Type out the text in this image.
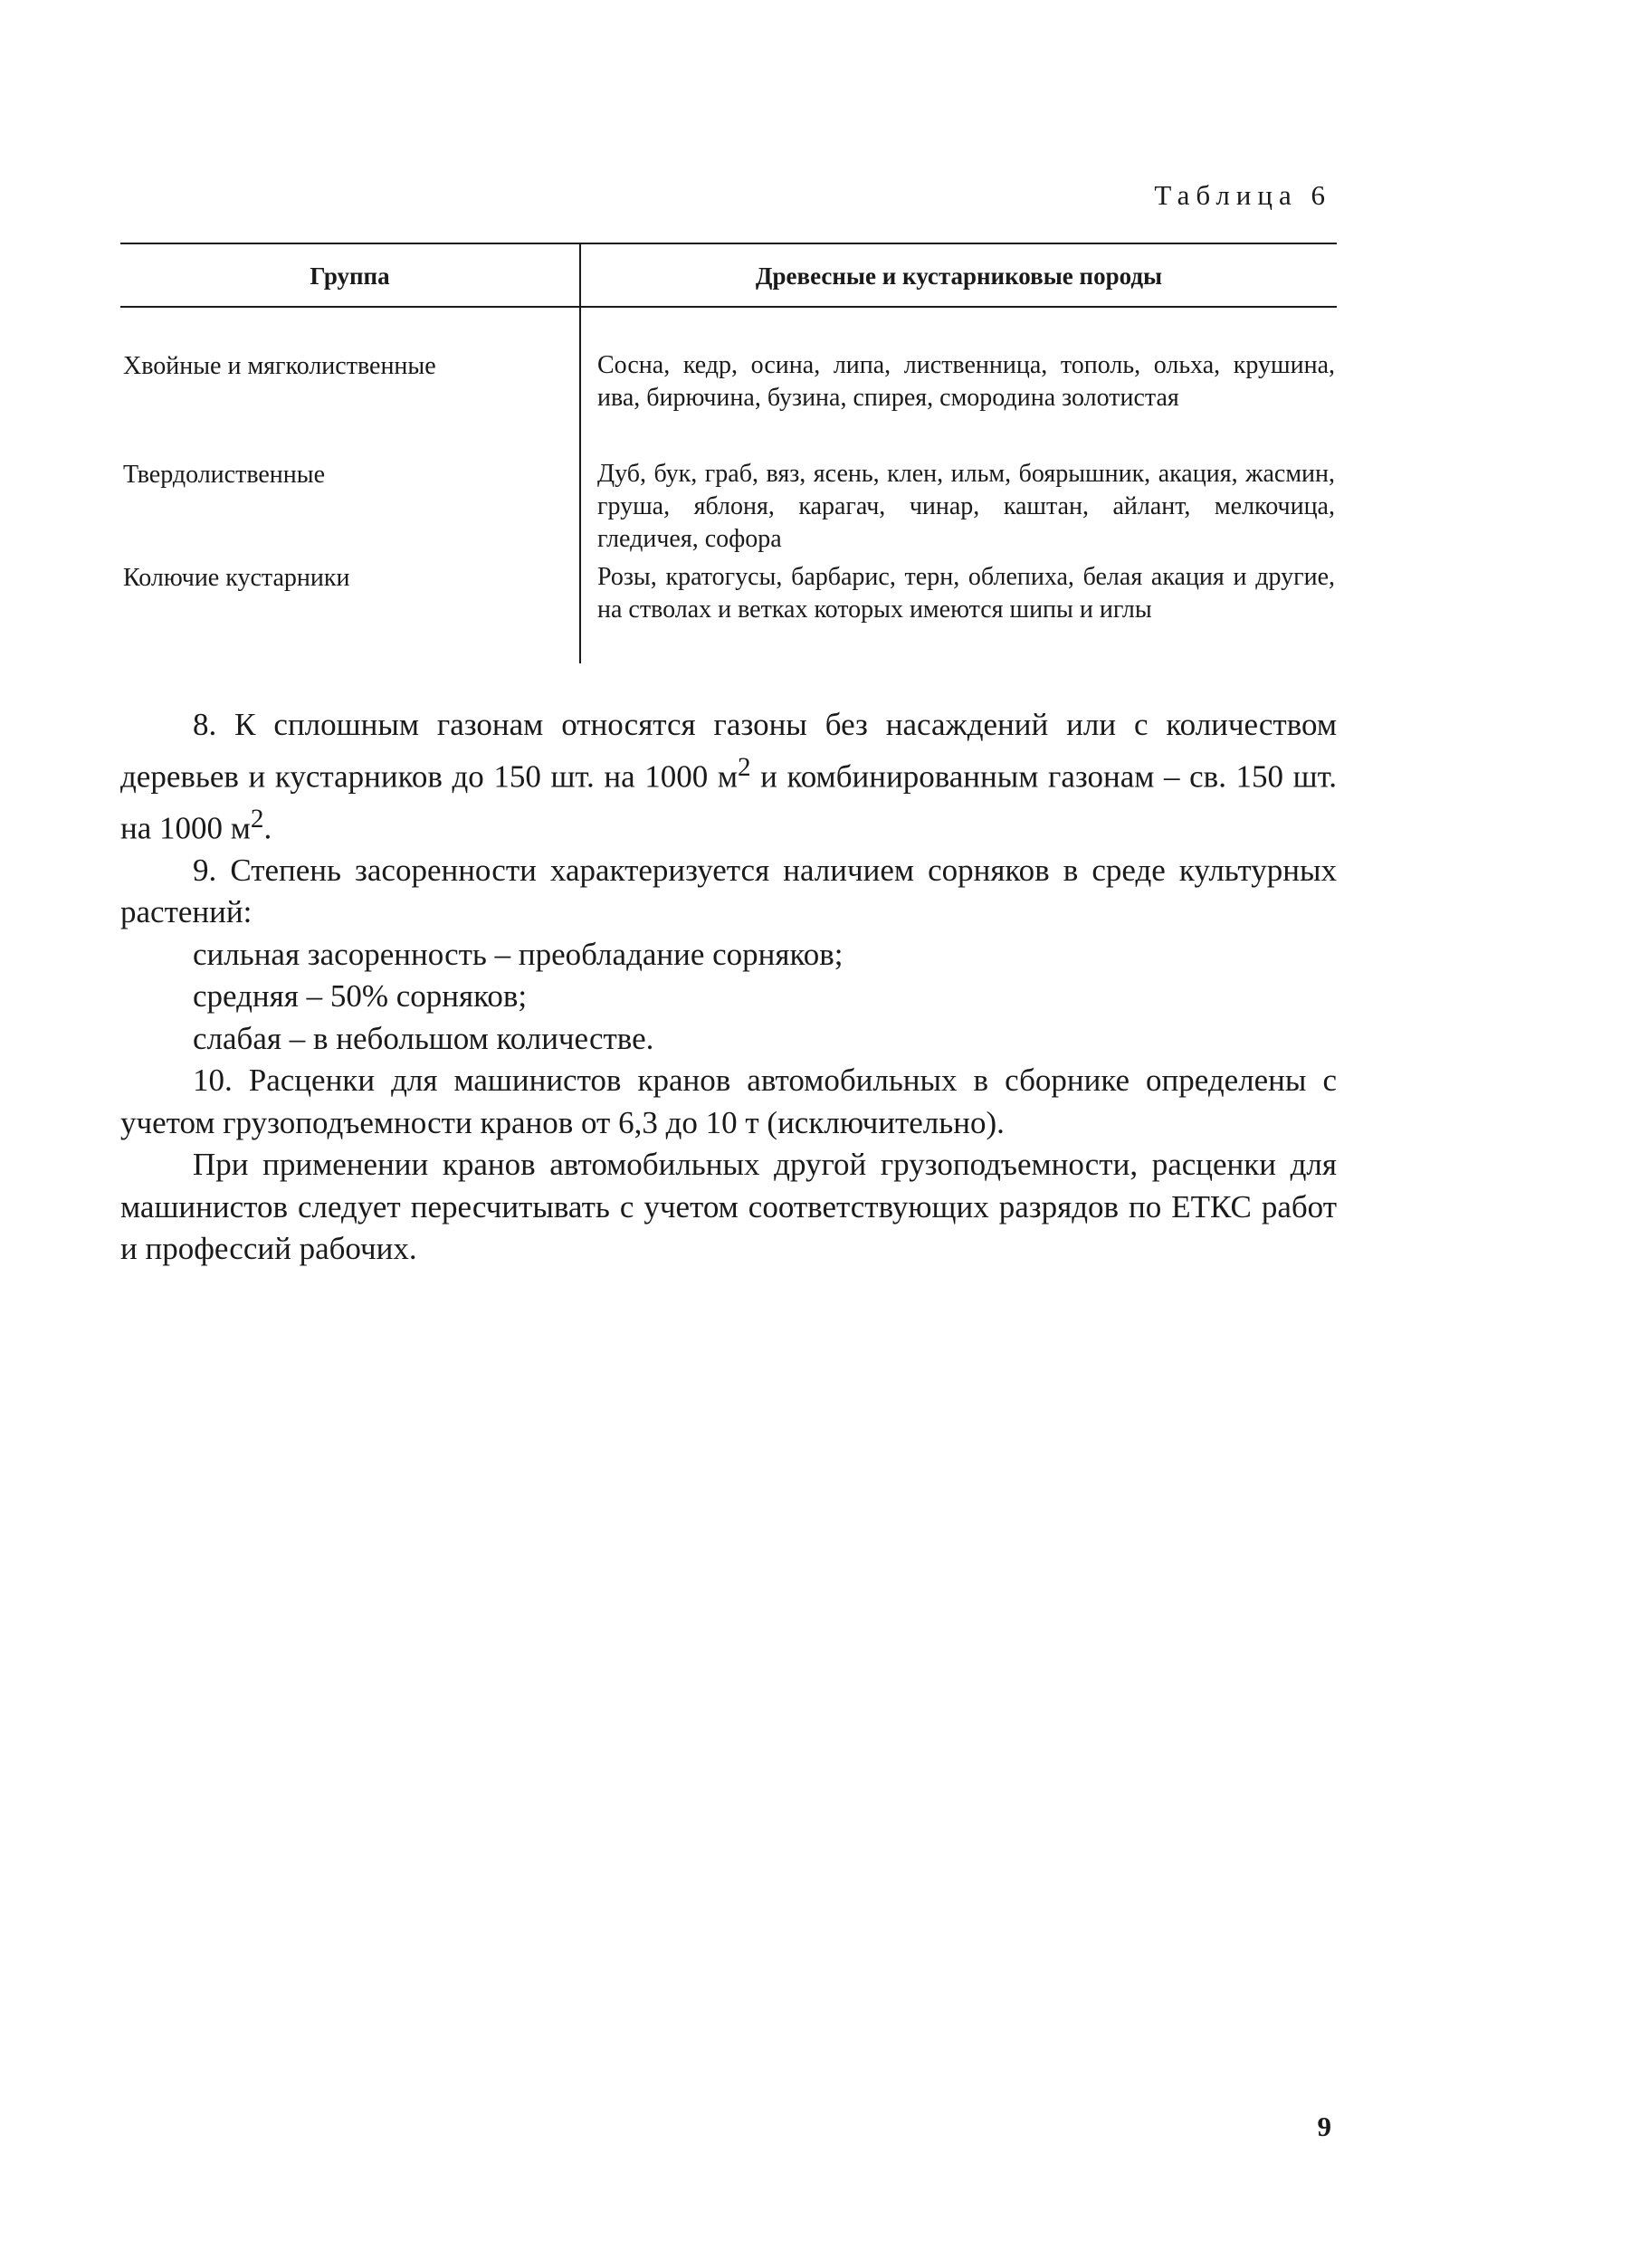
Таблица 6
Группа	Древесные и кустарниковые породы
Хвойные и мягколиственные	Сосна, кедр, осина, липа, лиственница, тополь, ольха, крушина, ива, бирючина, бузина, спирея, смородина золотистая
Твердолиственные	Дуб, бук, граб, вяз, ясень, клен, ильм, боярышник, акация, жасмин, груша, яблоня, карагач, чинар, каштан, айлант, мелкочица, гледичея, софора
Колючие кустарники	Розы, кратогусы, барбарис, терн, облепиха, белая акация и другие, на стволах и ветках которых имеются шипы и иглы

8. К сплошным газонам относятся газоны без насаждений или с количеством деревьев и кустарников до 150 шт. на 1000 $м^2$ и комбинированным газонам – св. 150 шт. на 1000 $м^2$.

9. Степень засоренности характеризуется наличием сорняков в среде культурных растений:

сильная засоренность – преобладание сорняков;

средняя – 50% сорняков;

слабая – в небольшом количестве.

10. Расценки для машинистов кранов автомобильных в сборнике определены с учетом грузоподъемности кранов от 6,3 до 10 т (исключительно).

При применении кранов автомобильных другой грузоподъемности, расценки для машинистов следует пересчитывать с учетом соответствующих разрядов по ЕТКС работ и профессий рабочих.

9
